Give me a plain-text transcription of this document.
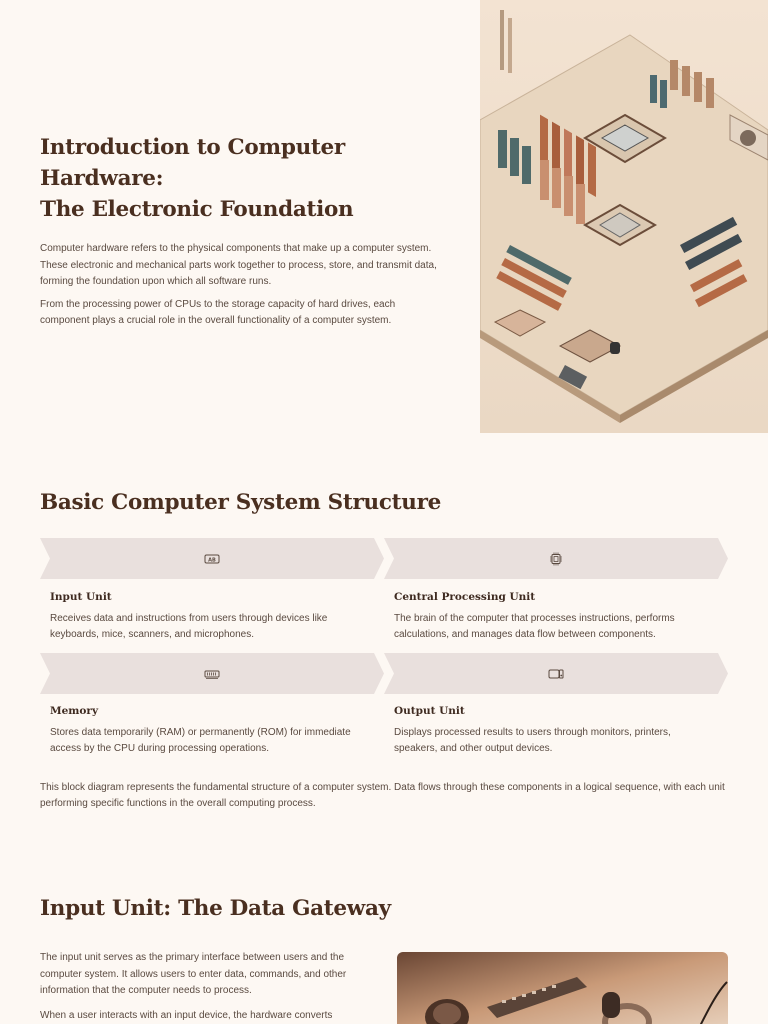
Introduction to Computer Hardware:
The Electronic Foundation

Computer hardware refers to the physical components that make up a computer system. These electronic and mechanical parts work together to process, store, and transmit data, forming the foundation upon which all software runs.

From the processing power of CPUs to the storage capacity of hard drives, each component plays a crucial role in the overall functionality of a computer system.

Basic Computer System Structure
AB
Input Unit
Receives data and instructions from users through devices like keyboards, mice, scanners, and microphones.
Central Processing Unit
The brain of the computer that processes instructions, performs calculations, and manages data flow between components.
Memory
Stores data temporarily (RAM) or permanently (ROM) for immediate access by the CPU during processing operations.
Output Unit
Displays processed results to users through monitors, printers, speakers, and other output devices.

This block diagram represents the fundamental structure of a computer system. Data flows through these components in a logical sequence, with each unit performing specific functions in the overall computing process.

Input Unit: The Data Gateway

The input unit serves as the primary interface between users and the computer system. It allows users to enter data, commands, and other information that the computer needs to process.

When a user interacts with an input device, the hardware converts
